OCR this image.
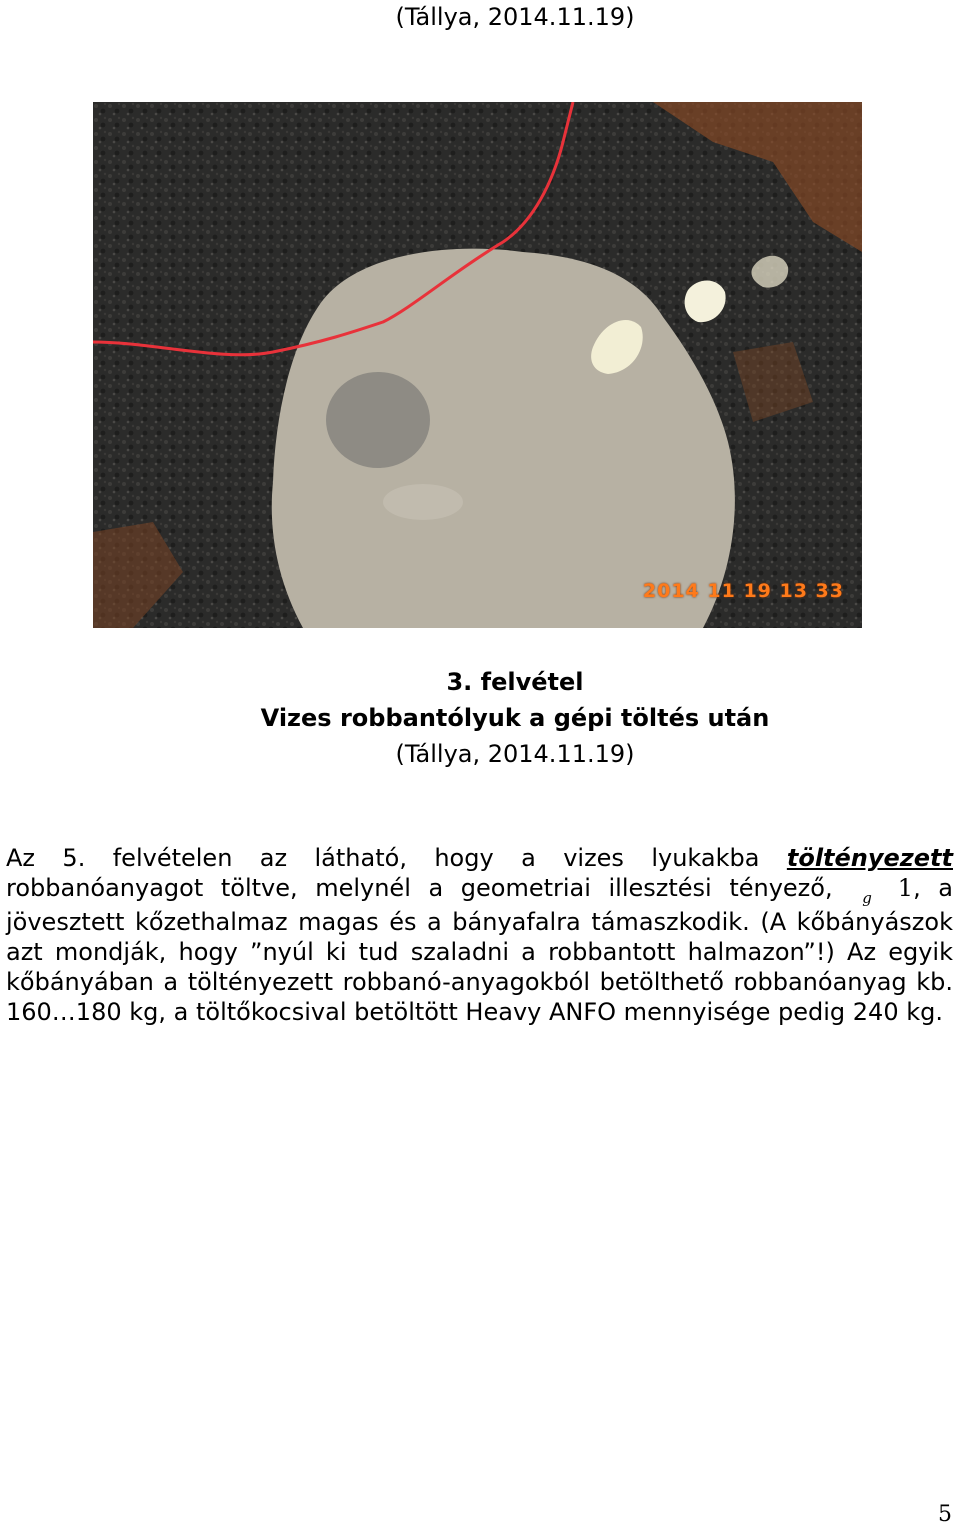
(Tállya, 2014.11.19)
2014 11 19 13 33
3. felvétel
Vizes robbantólyuk a gépi töltés után
(Tállya, 2014.11.19)
Az 5. felvételen az látható, hogy a vizes lyukakba töltényezett robbanóanyagot töltve, melynél a geometriai illesztési tényező, $_g$ 1, a jövesztett kőzethalmaz magas és a bányafalra támaszkodik. (A kőbányászok azt mondják, hogy ”nyúl ki tud szaladni a robbantott halmazon”!) Az egyik kőbányában a töltényezett robbanó-anyagokból betölthető robbanóanyag kb. 160…180 kg, a töltőkocsival betöltött Heavy ANFO mennyisége pedig 240 kg.
5
